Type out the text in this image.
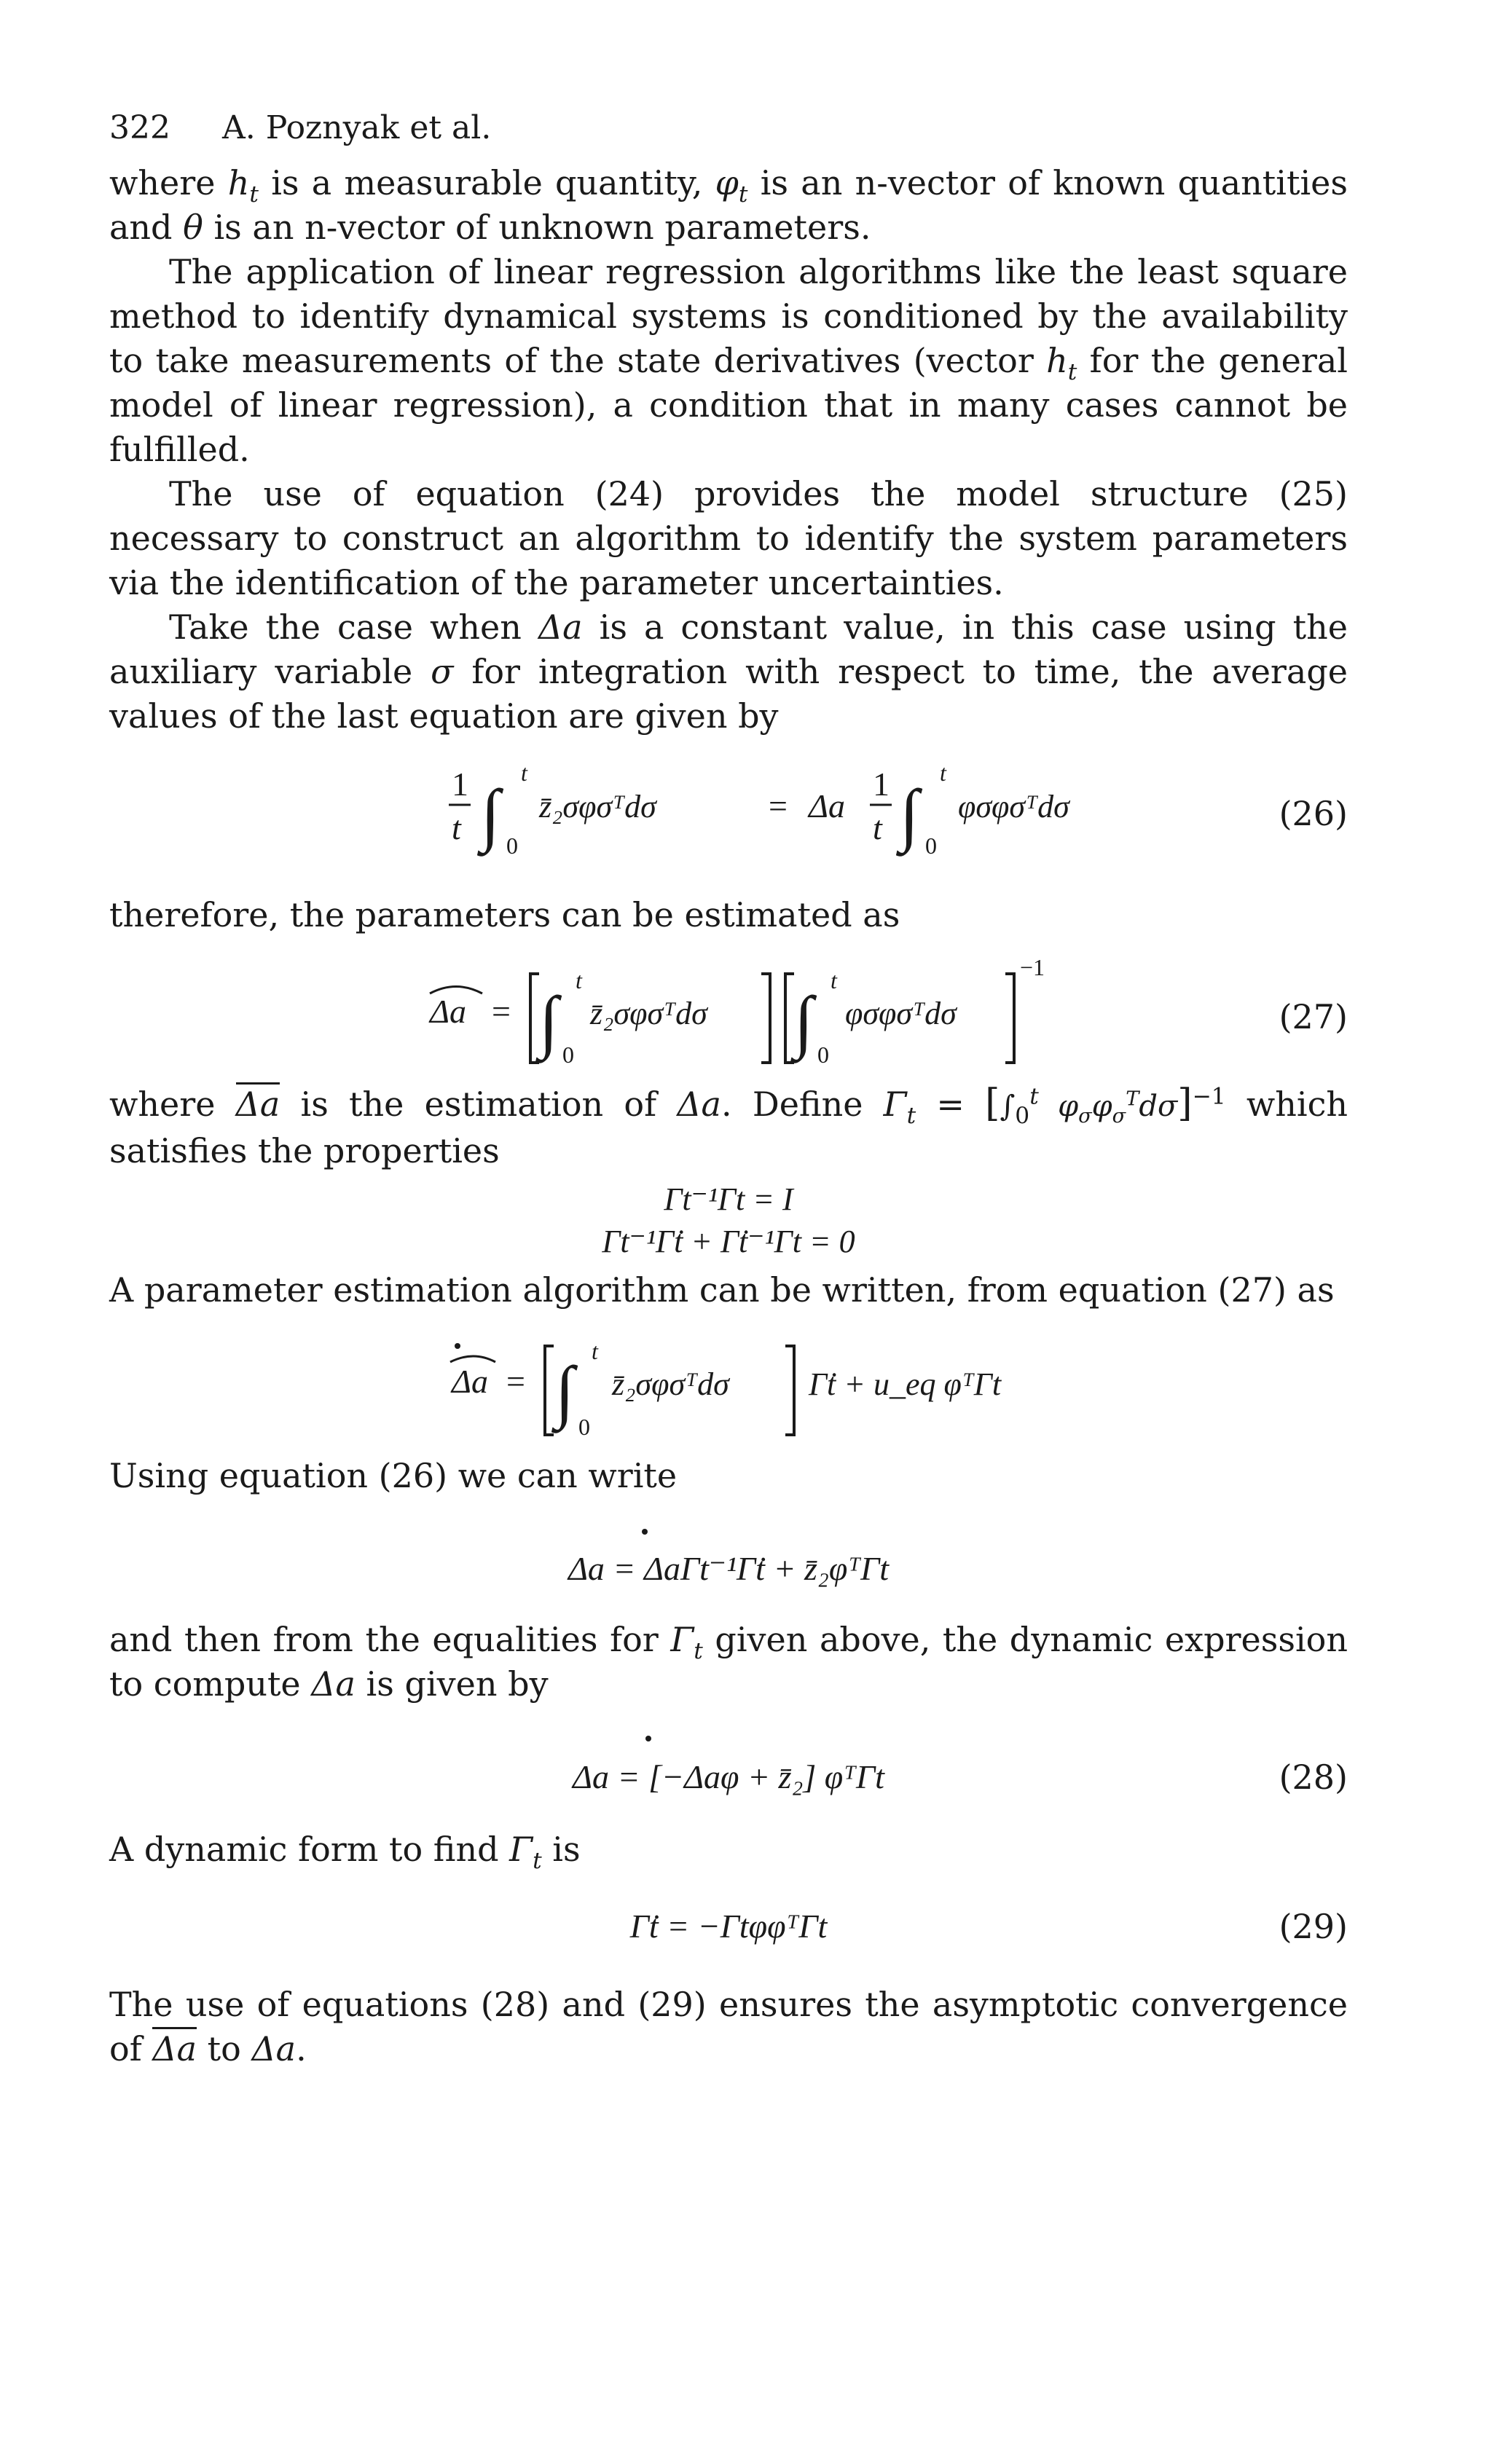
322 A. Poznyak et al.

where $h_t$ is a measurable quantity, $\varphi_t$ is an n-vector of known quantities and θ is an n-vector of unknown parameters.

The application of linear regression algorithms like the least square method to identify dynamical systems is conditioned by the availability to take measurements of the state derivatives (vector $h_t$ for the general model of linear regression), a condition that in many cases cannot be fulfilled.

The use of equation (24) provides the model structure (25) necessary to construct an algorithm to identify the system parameters via the identification of the parameter uncertainties.

Take the case when Δa is a constant value, in this case using the auxiliary variable σ for integration with respect to time, the average values of the last equation are given by

1
t ∫
t
0
z̄₂σφσᵀdσ	= Δa
1
t ∫
t
0
φσφσᵀdσ	(26)

therefore, the parameters can be estimated as

Δa = ∫
t
0
z̄₂σφσᵀdσ ∫
t
0
φσφσᵀdσ
−1
(27)

where Δa is the estimation of Δa. Define $\Gamma_t = [\int_0^t$ $\varphi_\sigma\varphi_\sigma^Td\sigma]^{-1}$ which satisfies the properties

Γt⁻¹Γt = I
Γt⁻¹Γ̇t + Γ̇t⁻¹Γt = 0

A parameter estimation algorithm can be written, from equation (27) as

Δa = ∫
t
0
z̄₂σφσᵀdσ Γ̇t + u_eq φᵀΓt

Using equation (26) we can write

Δa = ΔaΓt⁻¹Γ̇t + z̄₂φᵀΓt

and then from the equalities for $\Gamma_t$ given above, the dynamic expression to compute Δa is given by

Δa = [−Δaφ + z̄₂] φᵀΓt	(28)

A dynamic form to find $\Gamma_t$ is

Γ̇t = −ΓtφφᵀΓt	(29)

The use of equations (28) and (29) ensures the asymptotic convergence of Δa to Δa.
